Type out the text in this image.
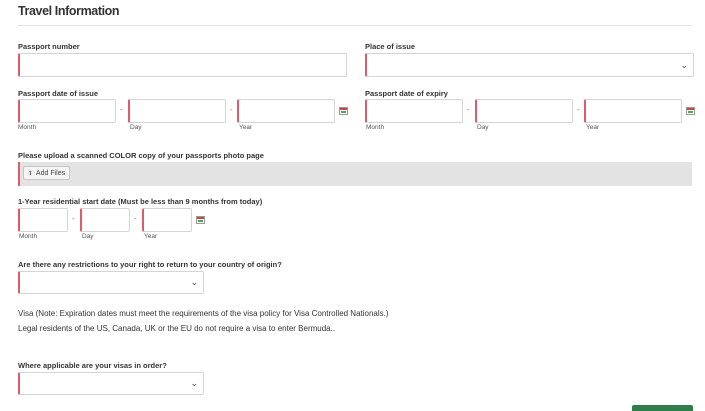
Travel Information
Passport number	Place of issue
⌄
Passport date of issue
-	-
Month	Day	Year
Passport date of expiry
-	-
Month	Day	Year
Please upload a scanned COLOR copy of your passports photo page
⬆ Add Files
1-Year residential start date (Must be less than 9 months from today)
-	-
Month	Day	Year
Are there any restrictions to your right to return to your country of origin?
⌄
Visa (Note: Expiration dates must meet the requirements of the visa policy for Visa Controlled Nationals.)
Legal residents of the US, Canada, UK or the EU do not require a visa to enter Bermuda..
Where applicable are your visas in order?
⌄
